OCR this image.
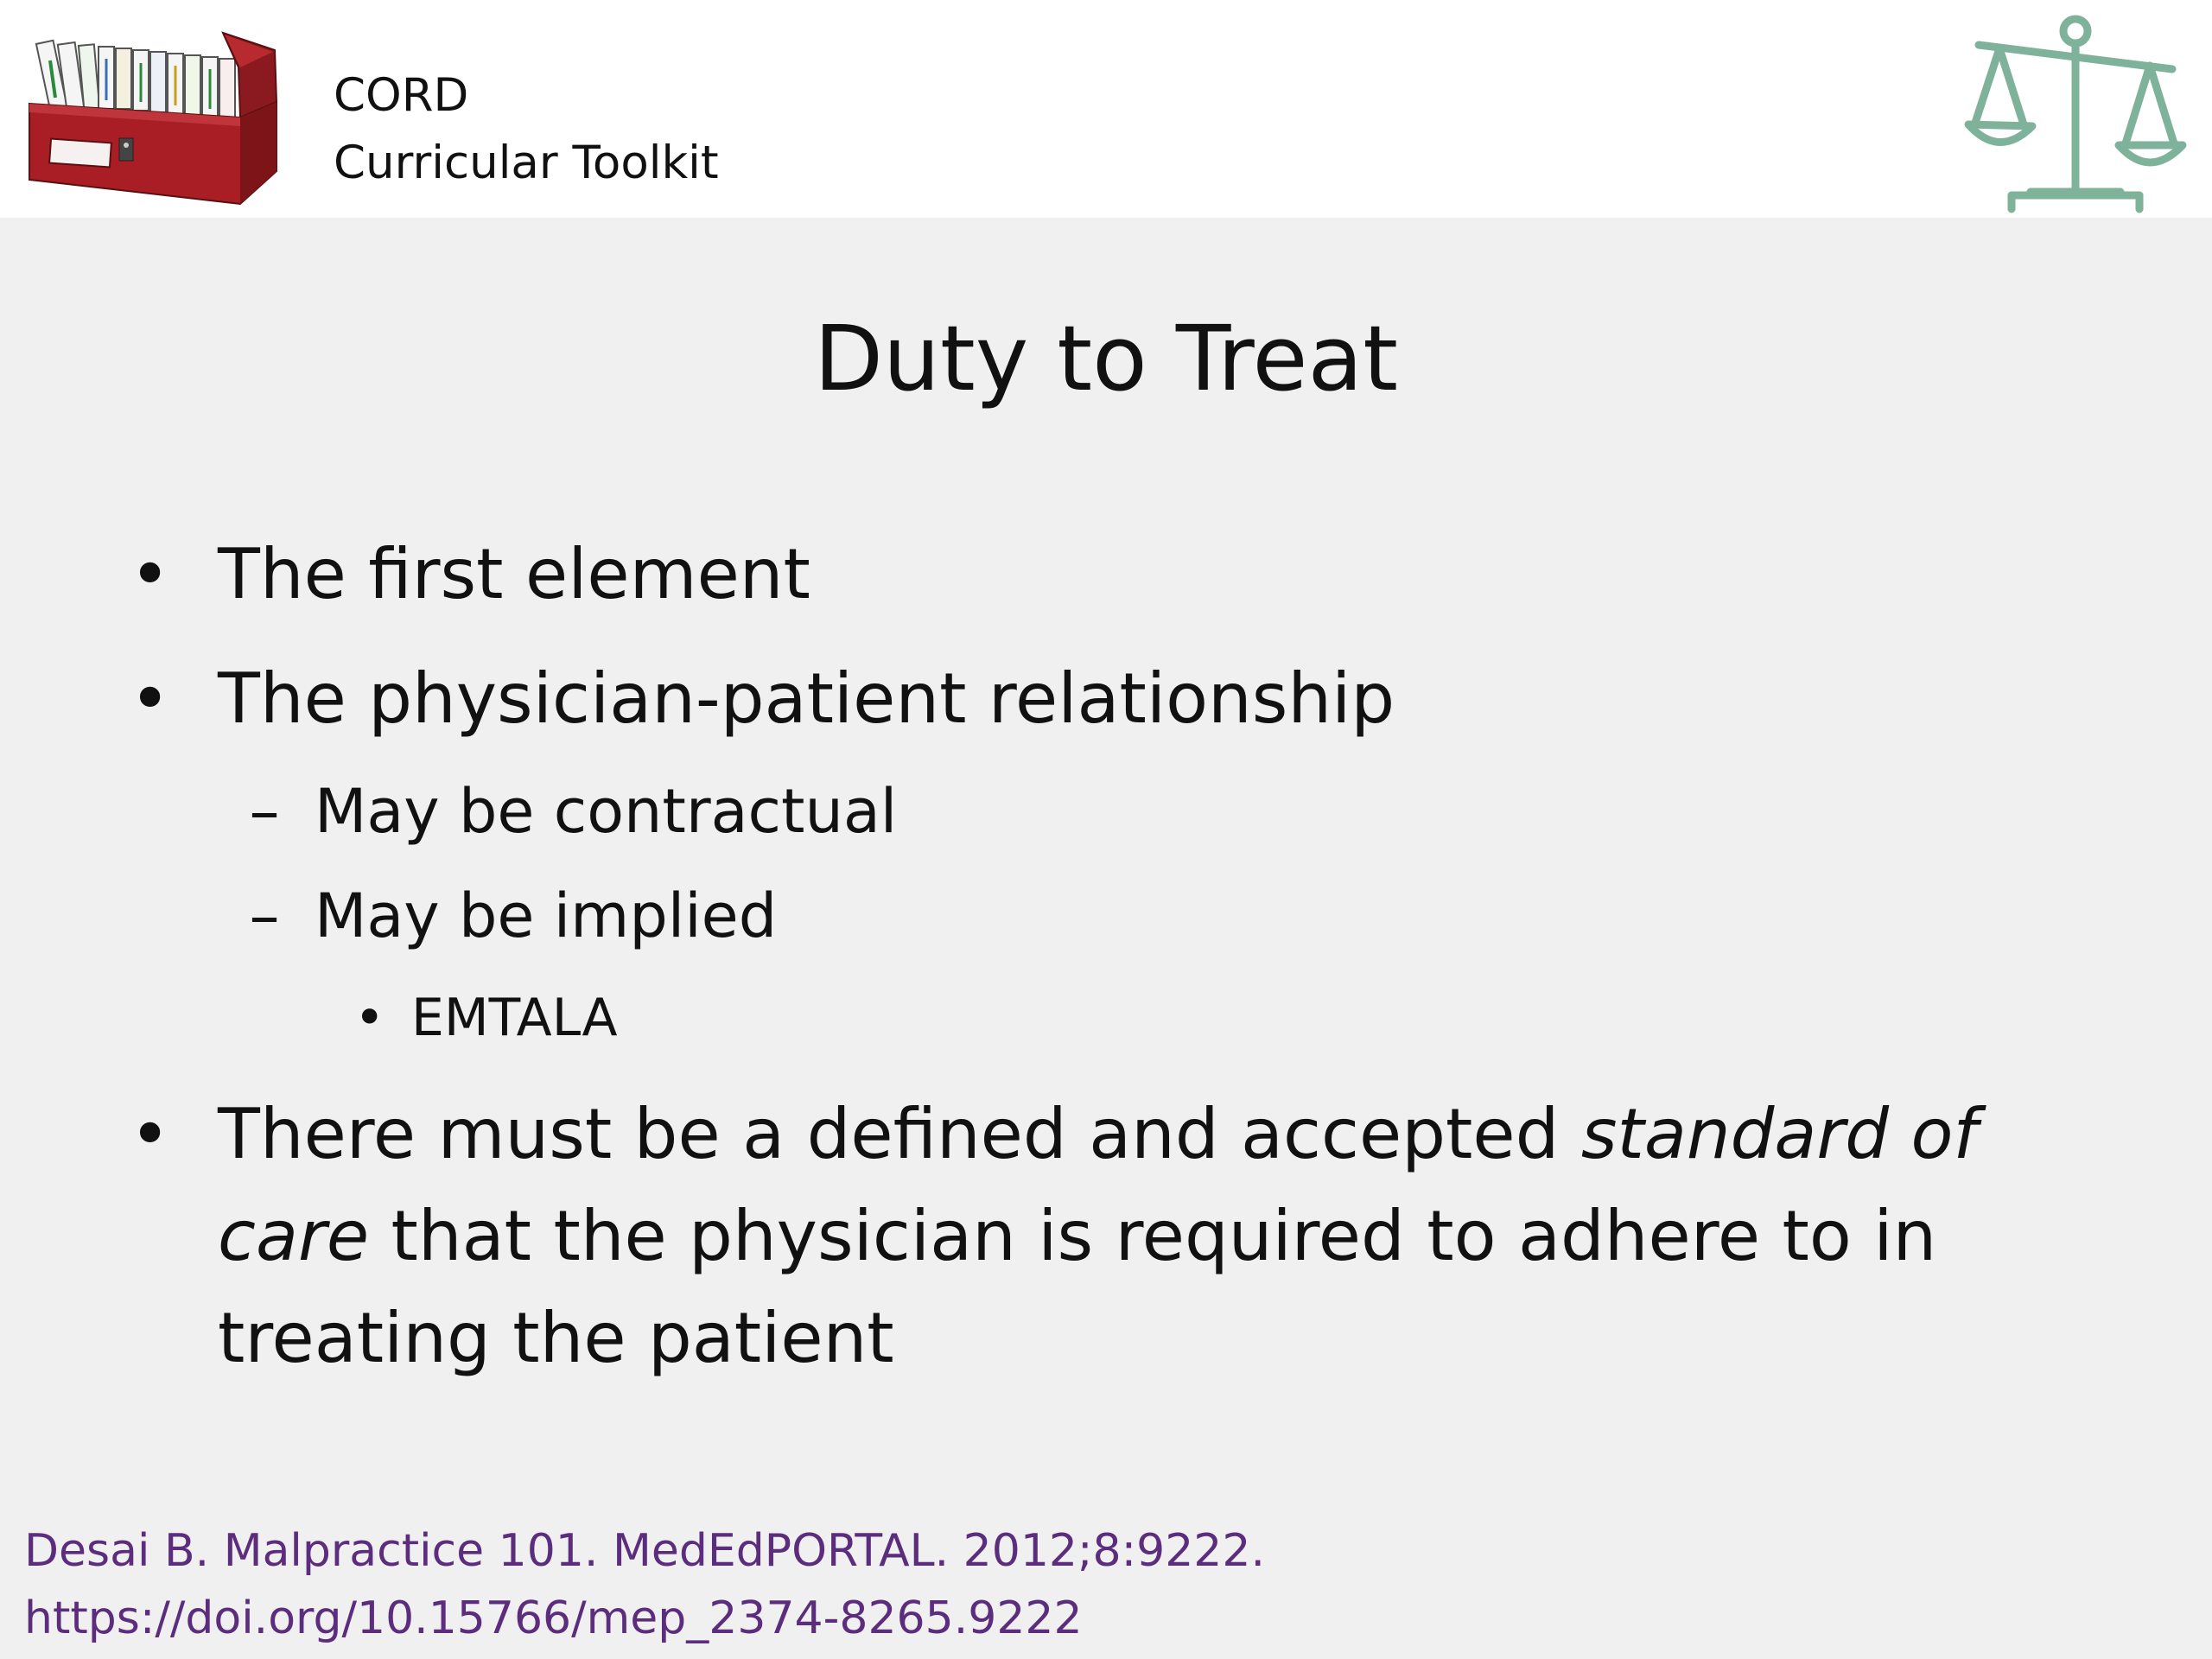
CORD
Curricular Toolkit
Duty to Treat
• The first element
• The physician-patient relationship
– May be contractual
– May be implied
• EMTALA
• There must be a defined and accepted standard of care that the physician is required to adhere to in treating the patient
Desai B. Malpractice 101. MedEdPORTAL. 2012;8:9222.
https://doi.org/10.15766/mep_2374-8265.9222
